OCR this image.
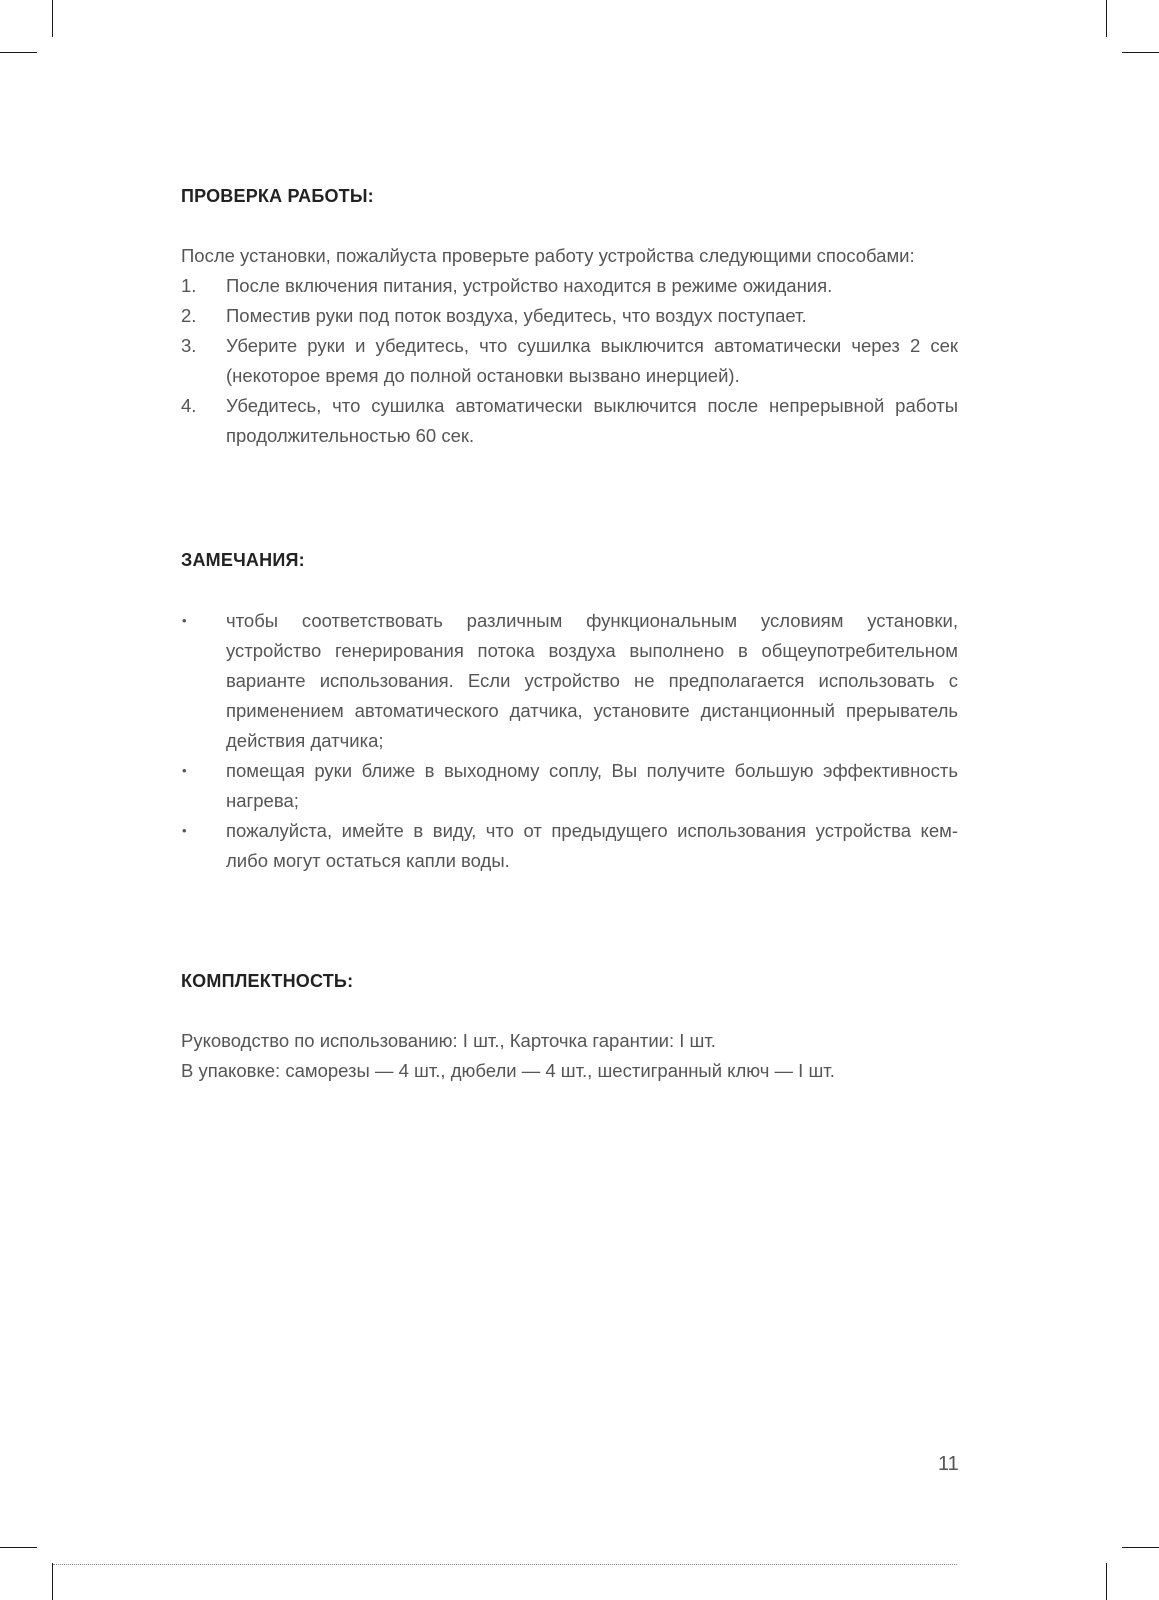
ПРОВЕРКА РАБОТЫ:
После установки, пожалйуста проверьте работу устройства следующими способами:
1. После включения питания, устройство находится в режиме ожидания.
2. Поместив руки под поток воздуха, убедитесь, что воздух поступает.
3. Уберите руки и убедитесь, что сушилка выключится автоматически через 2 сек (некоторое время до полной остановки вызвано инерцией).
4. Убедитесь, что сушилка автоматически выключится после непрерывной работы продолжительностью 60 сек.
ЗАМЕЧАНИЯ:
• чтобы соответствовать различным функциональным условиям установки, устройство генерирования потока воздуха выполнено в общеупотребительном варианте использования. Если устройство не предполагается использовать с применением автоматического датчика, установите дистанционный прерыватель действия датчика;
• помещая руки ближе в выходному соплу, Вы получите большую эффективность нагрева;
• пожалуйста, имейте в виду, что от предыдущего использования устройства кем-либо могут остаться капли воды.
КОМПЛЕКТНОСТЬ:
Руководство по использованию: I шт., Карточка гарантии: I шт.
В упаковке: саморезы — 4 шт., дюбели — 4 шт., шестигранный ключ — I шт.
11
